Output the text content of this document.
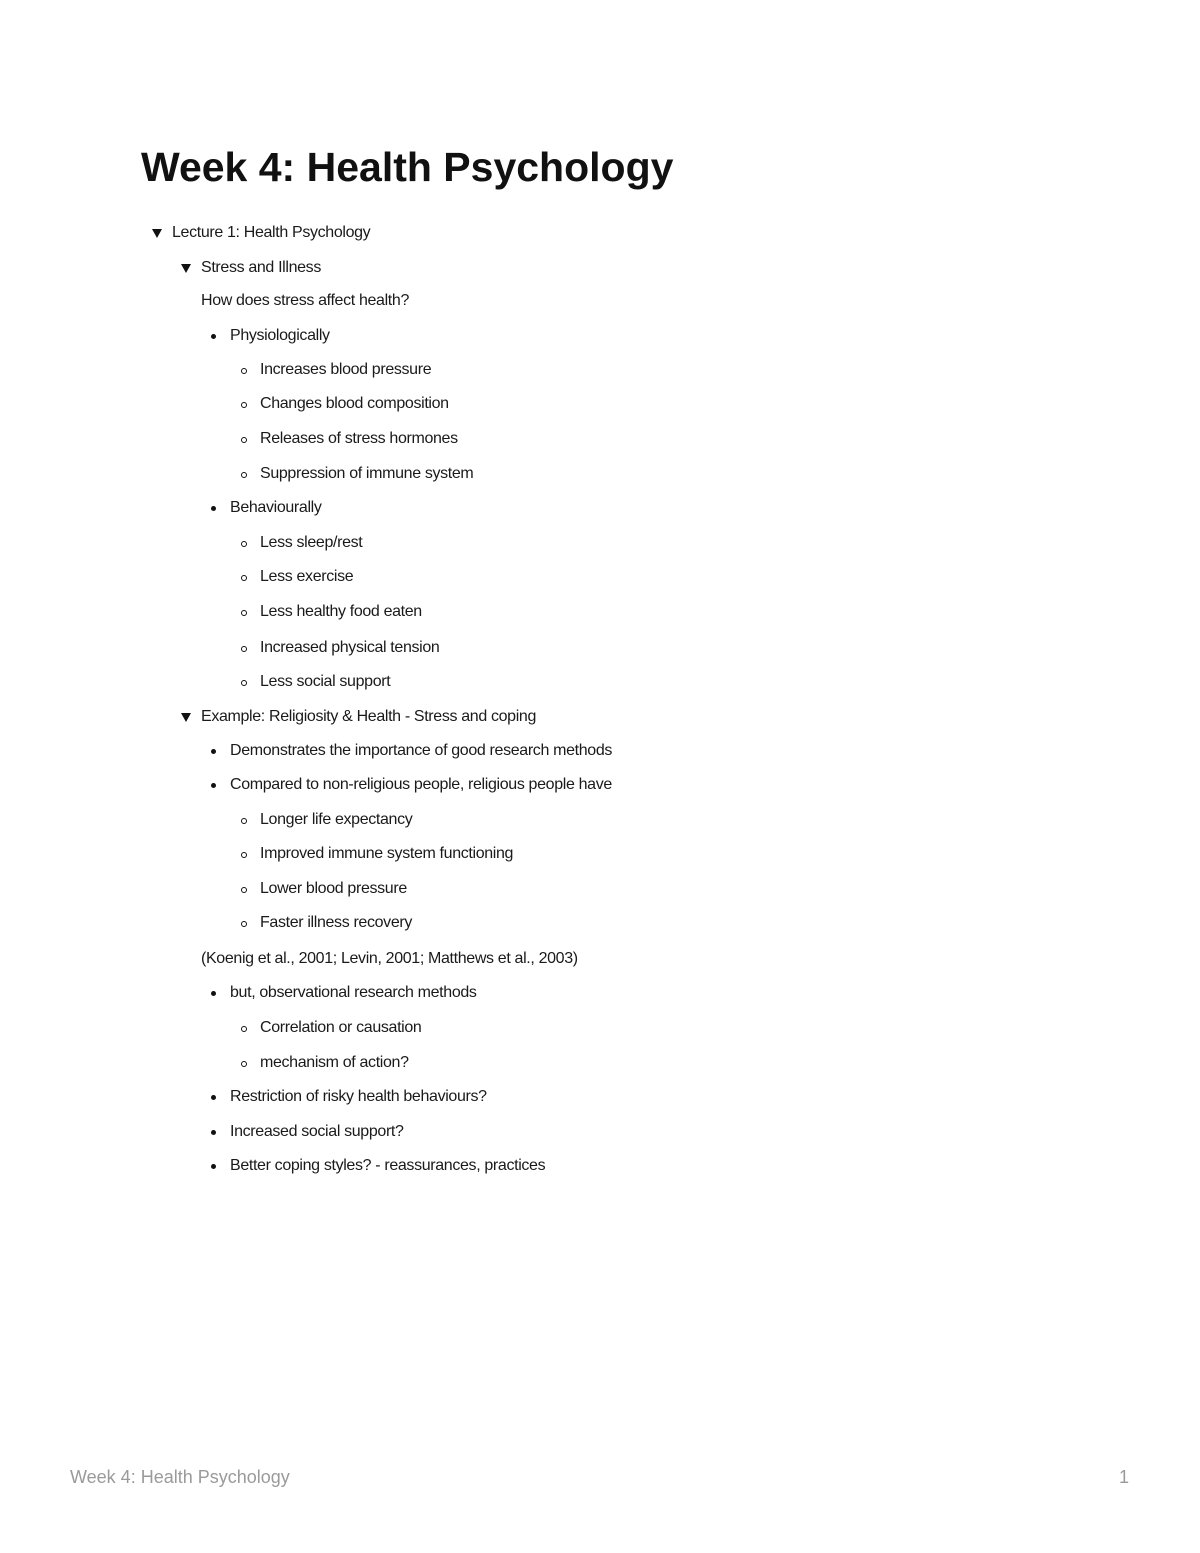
Week 4: Health Psychology
Lecture 1: Health Psychology
Stress and Illness
How does stress affect health?
Physiologically
Increases blood pressure
Changes blood composition
Releases of stress hormones
Suppression of immune system
Behaviourally
Less sleep/rest
Less exercise
Less healthy food eaten
Increased physical tension
Less social support
Example: Religiosity & Health - Stress and coping
Demonstrates the importance of good research methods
Compared to non-religious people, religious people have
Longer life expectancy
Improved immune system functioning
Lower blood pressure
Faster illness recovery
(Koenig et al., 2001; Levin, 2001; Matthews et al., 2003)
but, observational research methods
Correlation or causation
mechanism of action?
Restriction of risky health behaviours?
Increased social support?
Better coping styles? - reassurances, practices
Week 4: Health Psychology	1
